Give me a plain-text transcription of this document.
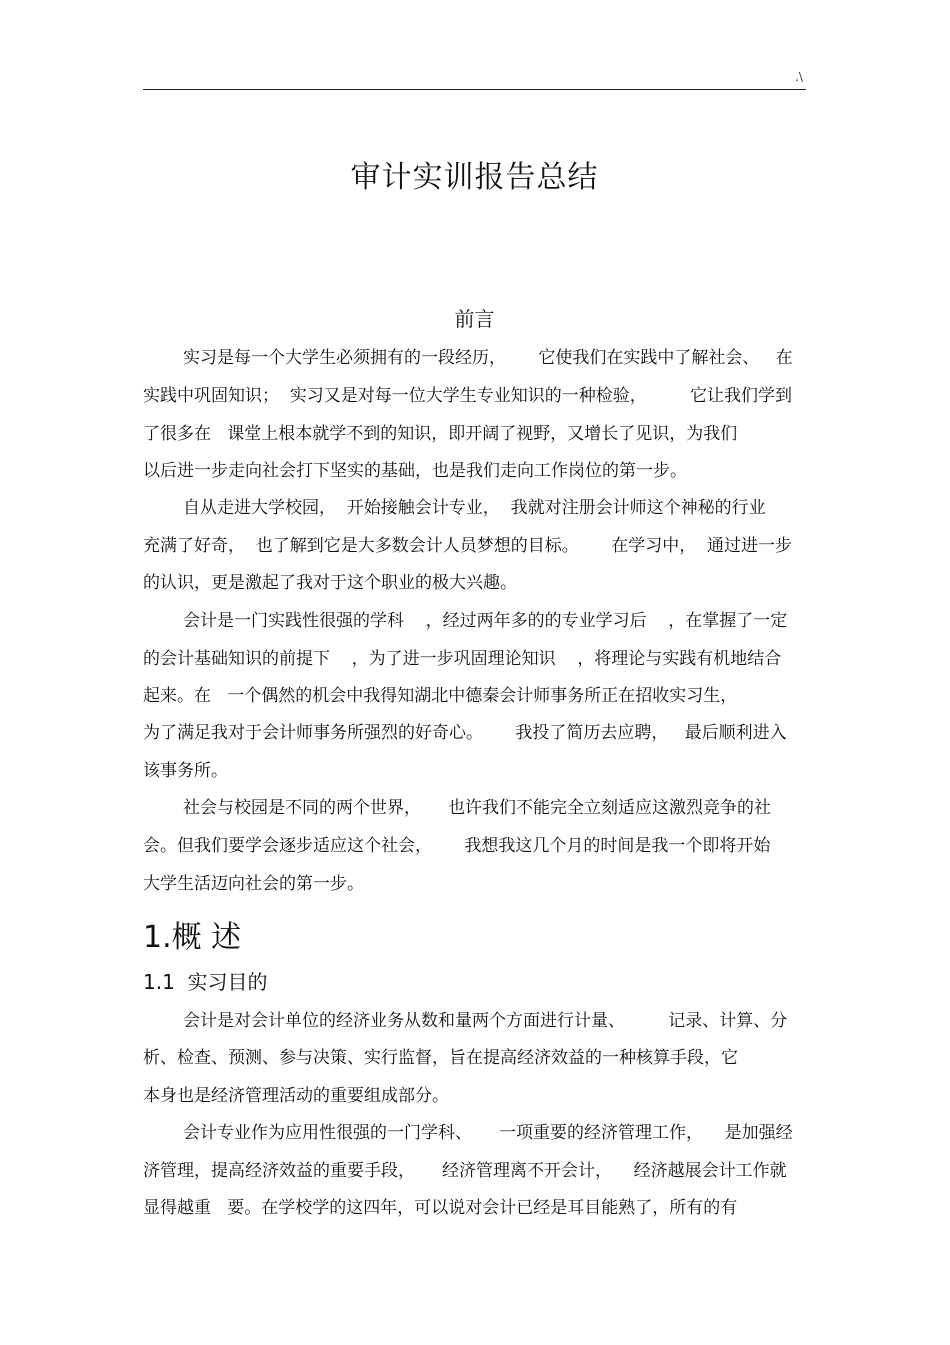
.\
审计实训报告总结
前言
实习是每一个大学生必须拥有的一段经历，      它使我们在实践中了解社会、   在
实践中巩固知识；  实习又是对每一位大学生专业知识的一种检验，        它让我们学到
了很多在   课堂上根本就学不到的知识，即开阔了视野，又增长了见识，为我们
以后进一步走向社会打下坚实的基础，也是我们走向工作岗位的第一步。
自从走进大学校园，  开始接触会计专业，  我就对注册会计师这个神秘的行业
充满了好奇，  也了解到它是大多数会计人员梦想的目标。      在学习中，  通过进一步
的认识，更是激起了我对于这个职业的极大兴趣。
会计是一门实践性很强的学科    ，经过两年多的的专业学习后    ，在掌握了一定
的会计基础知识的前提下    ，为了进一步巩固理论知识    ，将理论与实践有机地结合
起来。在   一个偶然的机会中我得知湖北中德秦会计师事务所正在招收实习生，
为了满足我对于会计师事务所强烈的好奇心。      我投了简历去应聘，   最后顺利进入
该事务所。
社会与校园是不同的两个世界，     也许我们不能完全立刻适应这激烈竞争的社
会。但我们要学会逐步适应这个社会，      我想我这几个月的时间是我一个即将开始
大学生活迈向社会的第一步。
1.概 述
1.1  实习目的
会计是对会计单位的经济业务从数和量两个方面进行计量、        记录、计算、分
析、检查、预测、参与决策、实行监督，旨在提高经济效益的一种核算手段，它
本身也是经济管理活动的重要组成部分。
会计专业作为应用性很强的一门学科、     一项重要的经济管理工作，    是加强经
济管理，提高经济效益的重要手段，     经济管理离不开会计，    经济越展会计工作就
显得越重   要。在学校学的这四年，可以说对会计已经是耳目能熟了，所有的有
